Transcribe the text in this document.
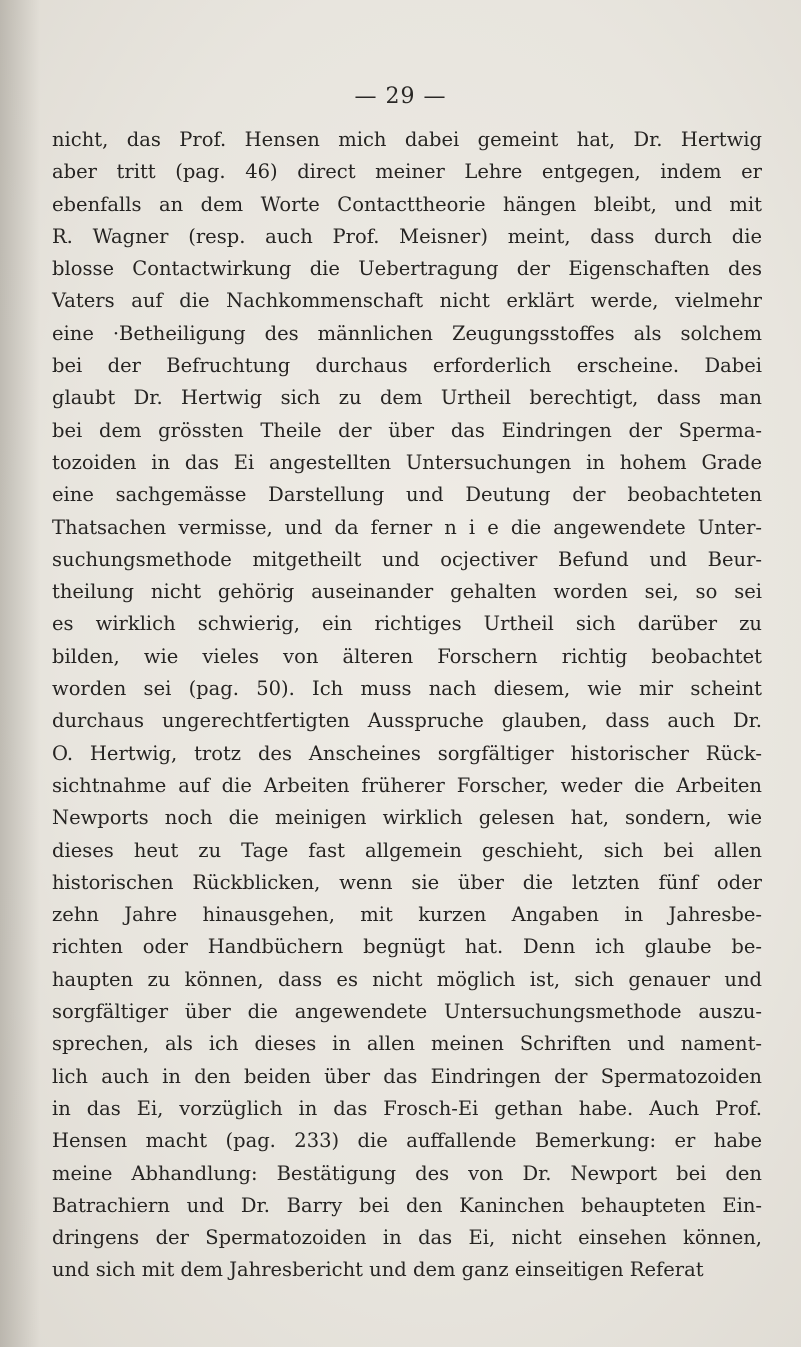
— 29 —
nicht, das Prof. Hensen mich dabei gemeint hat, Dr. Hertwig
aber tritt (pag. 46) direct meiner Lehre entgegen, indem er
ebenfalls an dem Worte Contacttheorie hängen bleibt, und mit
R. Wagner (resp. auch Prof. Meisner) meint, dass durch die
blosse Contactwirkung die Uebertragung der Eigenschaften des
Vaters auf die Nachkommenschaft nicht erklärt werde, vielmehr
eine ·Betheiligung des männlichen Zeugungsstoffes als solchem
bei der Befruchtung durchaus erforderlich erscheine. Dabei
glaubt Dr. Hertwig sich zu dem Urtheil berechtigt, dass man
bei dem grössten Theile der über das Eindringen der Sperma-
tozoiden in das Ei angestellten Untersuchungen in hohem Grade
eine sachgemässe Darstellung und Deutung der beobachteten
Thatsachen vermisse, und da ferner n i e die angewendete Unter-
suchungsmethode mitgetheilt und ocjectiver Befund und Beur-
theilung nicht gehörig auseinander gehalten worden sei, so sei
es wirklich schwierig, ein richtiges Urtheil sich darüber zu
bilden, wie vieles von älteren Forschern richtig beobachtet
worden sei (pag. 50). Ich muss nach diesem, wie mir scheint
durchaus ungerechtfertigten Ausspruche glauben, dass auch Dr.
O. Hertwig, trotz des Anscheines sorgfältiger historischer Rück-
sichtnahme auf die Arbeiten früherer Forscher, weder die Arbeiten
Newports noch die meinigen wirklich gelesen hat, sondern, wie
dieses heut zu Tage fast allgemein geschieht, sich bei allen
historischen Rückblicken, wenn sie über die letzten fünf oder
zehn Jahre hinausgehen, mit kurzen Angaben in Jahresbe-
richten oder Handbüchern begnügt hat. Denn ich glaube be-
haupten zu können, dass es nicht möglich ist, sich genauer und
sorgfältiger über die angewendete Untersuchungsmethode auszu-
sprechen, als ich dieses in allen meinen Schriften und nament-
lich auch in den beiden über das Eindringen der Spermatozoiden
in das Ei, vorzüglich in das Frosch-Ei gethan habe. Auch Prof.
Hensen macht (pag. 233) die auffallende Bemerkung: er habe
meine Abhandlung: Bestätigung des von Dr. Newport bei den
Batrachiern und Dr. Barry bei den Kaninchen behaupteten Ein-
dringens der Spermatozoiden in das Ei, nicht einsehen können,
und sich mit dem Jahresbericht und dem ganz einseitigen Referat
